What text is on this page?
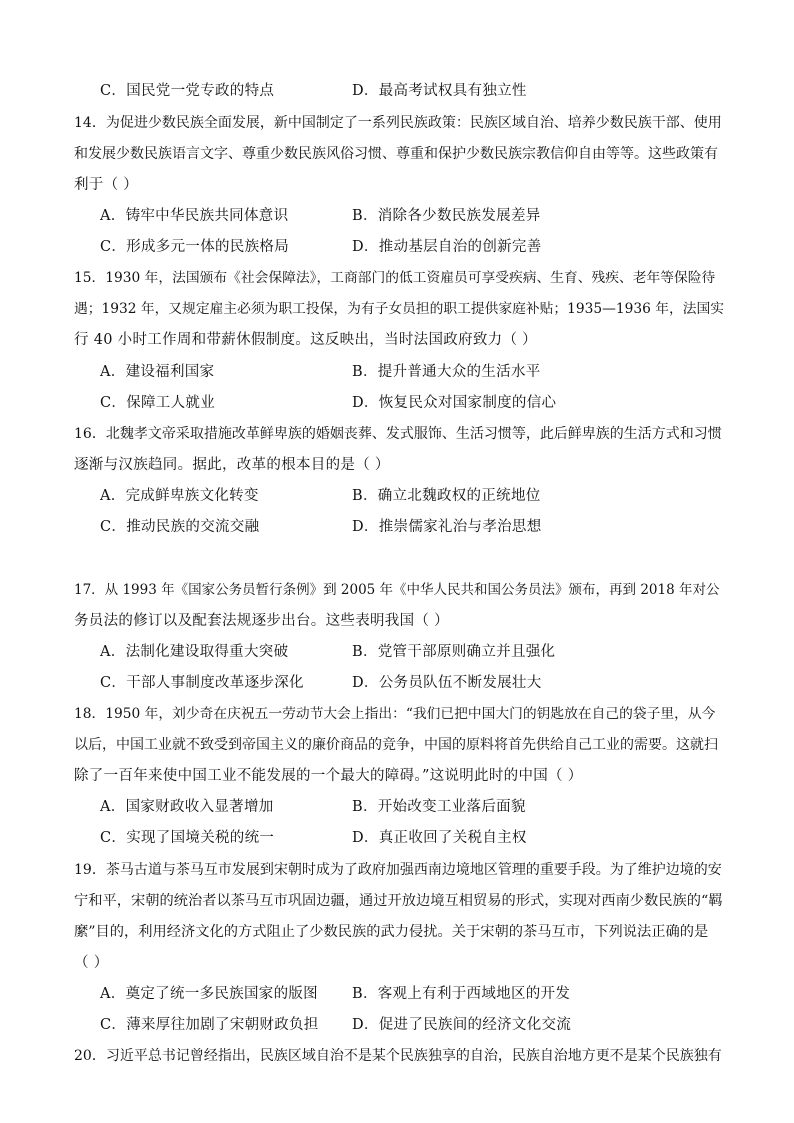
C．国民党一党专政的特点	D．最高考试权具有独立性
14．为促进少数民族全面发展，新中国制定了一系列民族政策：民族区域自治、培养少数民族干部、使用
和发展少数民族语言文字、尊重少数民族风俗习惯、尊重和保护少数民族宗教信仰自由等等。这些政策有
利于（ ）
A．铸牢中华民族共同体意识	B．消除各少数民族发展差异
C．形成多元一体的民族格局	D．推动基层自治的创新完善
15．1930 年，法国颁布《社会保障法》，工商部门的低工资雇员可享受疾病、生育、残疾、老年等保险待
遇；1932 年，又规定雇主必须为职工投保，为有子女员担的职工提供家庭补贴；1935—1936 年，法国实
行 40 小时工作周和带薪休假制度。这反映出，当时法国政府致力（ ）
A．建设福利国家	B．提升普通大众的生活水平
C．保障工人就业	D．恢复民众对国家制度的信心
16．北魏孝文帝采取措施改革鲜卑族的婚姻丧葬、发式服饰、生活习惯等，此后鲜卑族的生活方式和习惯
逐渐与汉族趋同。据此，改革的根本目的是（ ）
A．完成鲜卑族文化转变	B．确立北魏政权的正统地位
C．推动民族的交流交融	D．推崇儒家礼治与孝治思想
17．从 1993 年《国家公务员暂行条例》到 2005 年《中华人民共和国公务员法》颁布，再到 2018 年对公
务员法的修订以及配套法规逐步出台。这些表明我国（ ）
A．法制化建设取得重大突破	B．党管干部原则确立并且强化
C．干部人事制度改革逐步深化	D．公务员队伍不断发展壮大
18．1950 年，刘少奇在庆祝五一劳动节大会上指出：“我们已把中国大门的钥匙放在自己的袋子里，从今
以后，中国工业就不致受到帝国主义的廉价商品的竞争，中国的原料将首先供给自己工业的需要。这就扫
除了一百年来使中国工业不能发展的一个最大的障碍。”这说明此时的中国（ ）
A．国家财政收入显著增加	B．开始改变工业落后面貌
C．实现了国境关税的统一	D．真正收回了关税自主权
19．茶马古道与茶马互市发展到宋朝时成为了政府加强西南边境地区管理的重要手段。为了维护边境的安
宁和平，宋朝的统治者以茶马互市巩固边疆，通过开放边境互相贸易的形式，实现对西南少数民族的“羁
縻”目的，利用经济文化的方式阻止了少数民族的武力侵扰。关于宋朝的茶马互市，下列说法正确的是
（ ）
A．奠定了统一多民族国家的版图 B．客观上有利于西域地区的开发
C．薄来厚往加剧了宋朝财政负担 D．促进了民族间的经济文化交流
20．习近平总书记曾经指出，民族区域自治不是某个民族独享的自治，民族自治地方更不是某个民族独有
